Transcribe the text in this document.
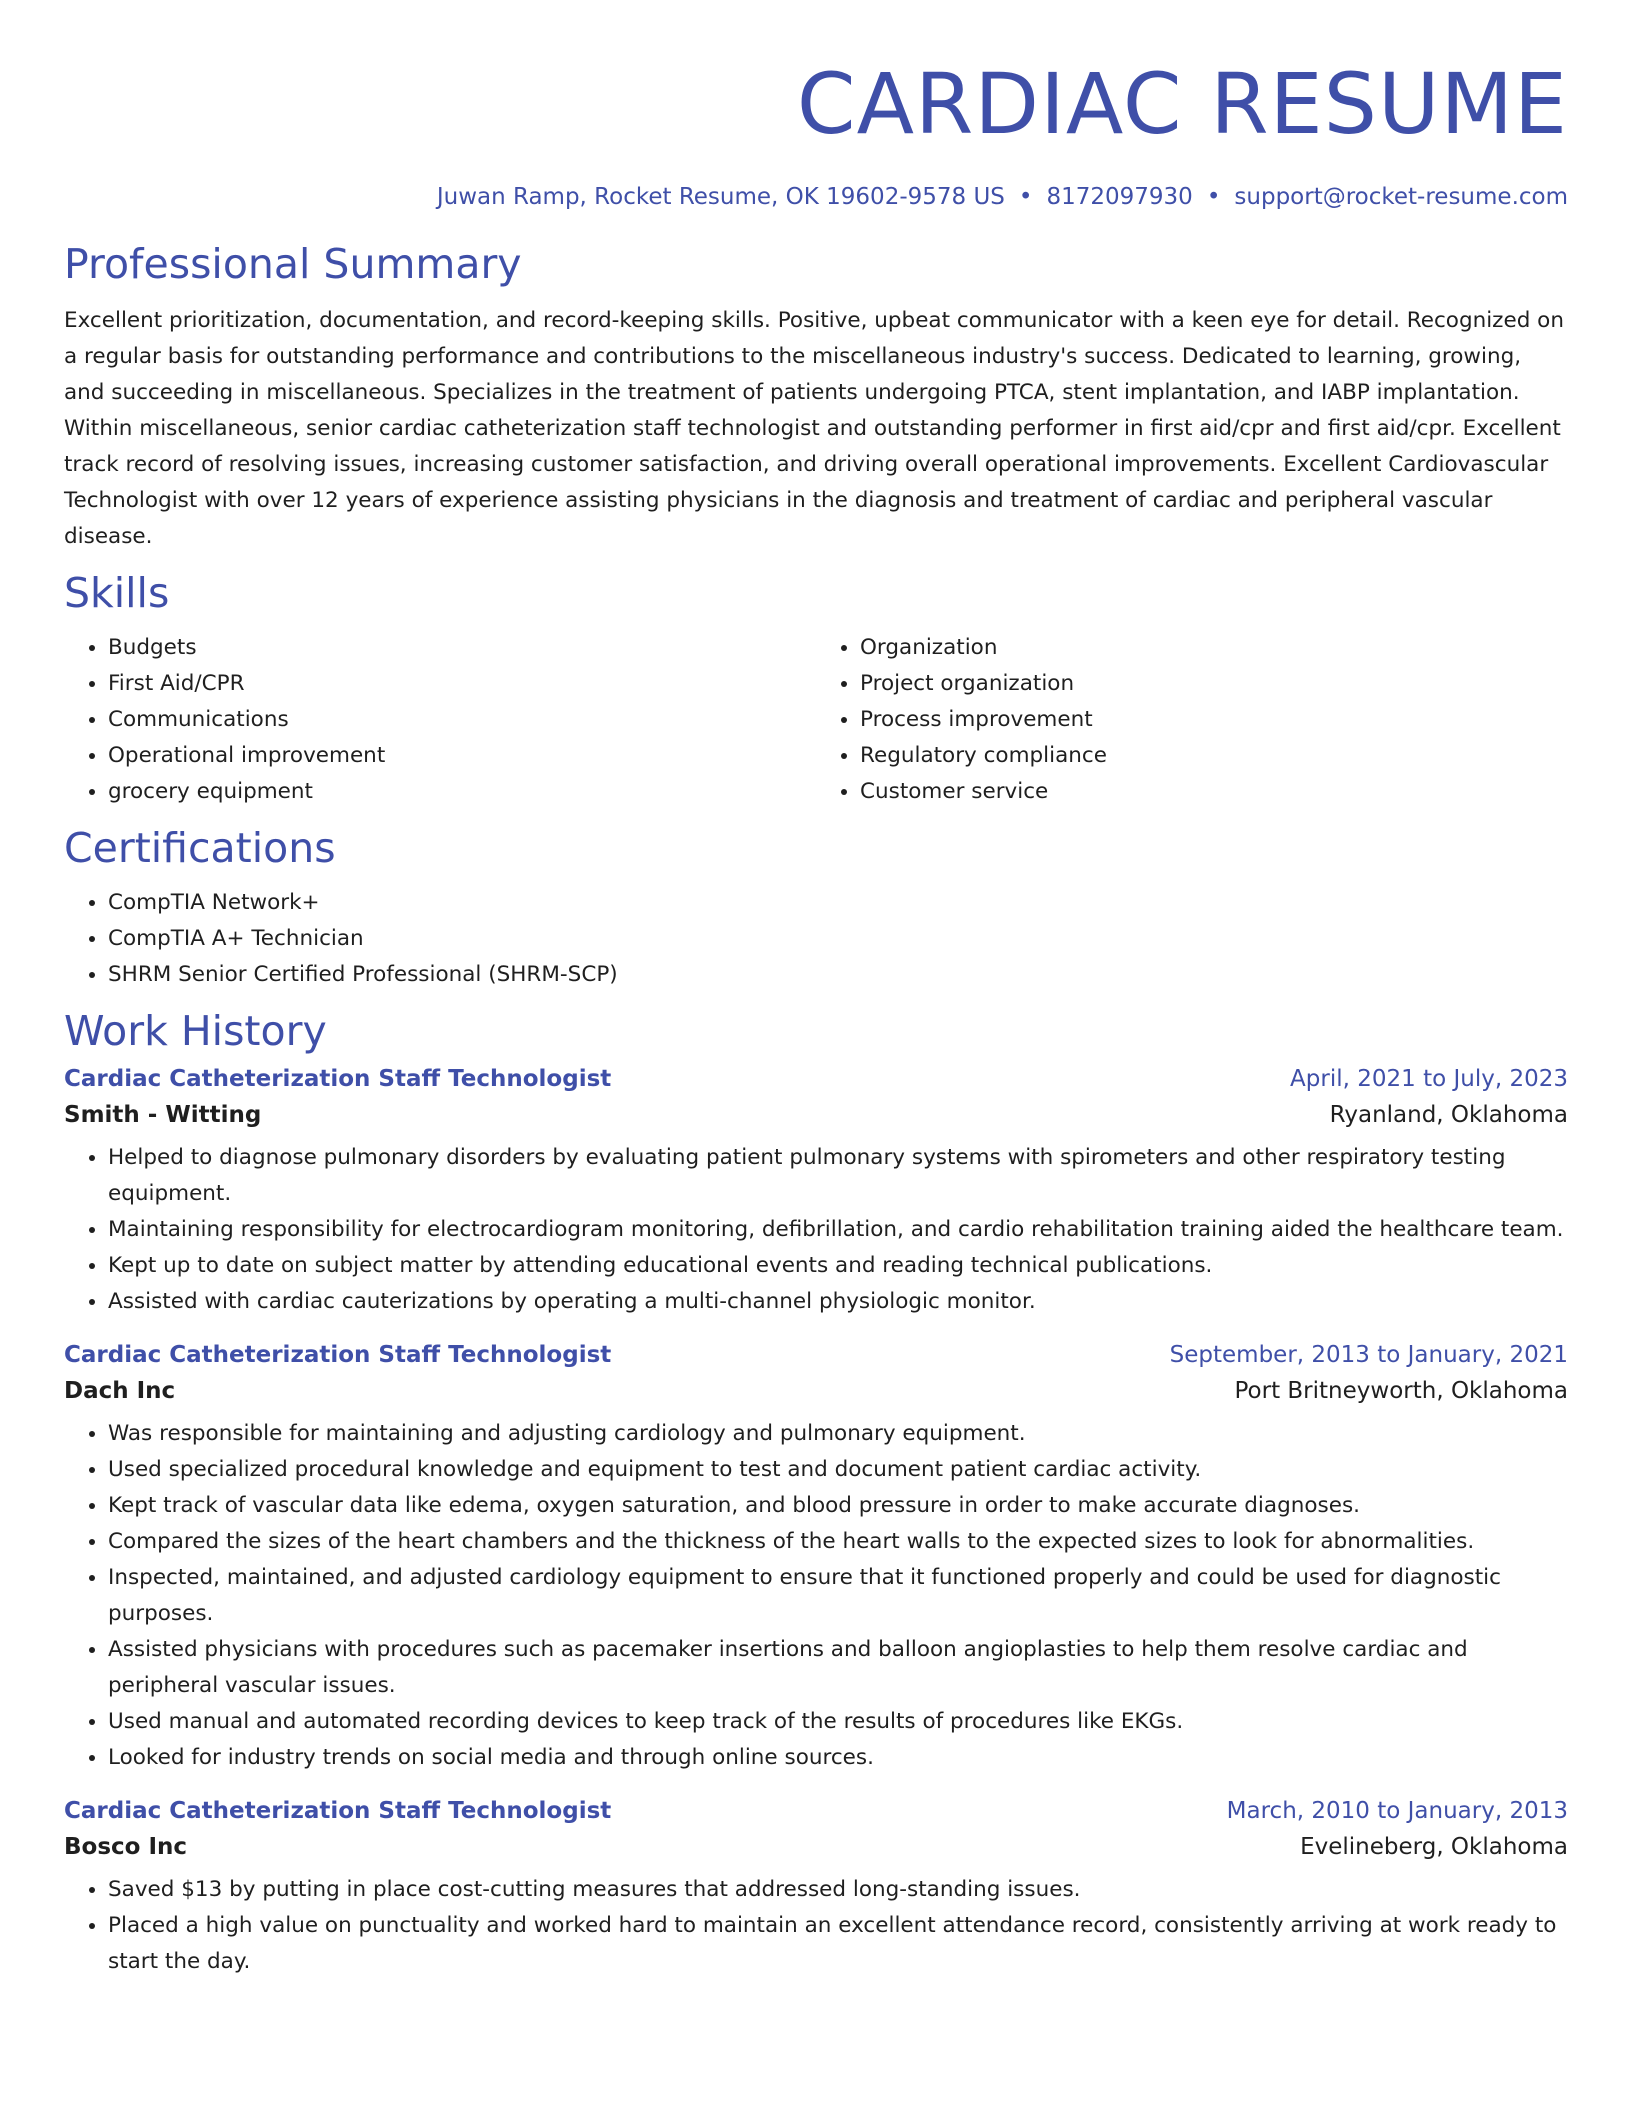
CARDIAC RESUME
Juwan Ramp, Rocket Resume, OK 19602-9578 US • 8172097930 • support@rocket-resume.com
Professional Summary

Excellent prioritization, documentation, and record-keeping skills. Positive, upbeat communicator with a keen eye for detail. Recognized on a regular basis for outstanding performance and contributions to the miscellaneous industry's success. Dedicated to learning, growing, and succeeding in miscellaneous. Specializes in the treatment of patients undergoing PTCA, stent implantation, and IABP implantation. Within miscellaneous, senior cardiac catheterization staff technologist and outstanding performer in first aid/cpr and first aid/cpr. Excellent track record of resolving issues, increasing customer satisfaction, and driving overall operational improvements. Excellent Cardiovascular Technologist with over 12 years of experience assisting physicians in the diagnosis and treatment of cardiac and peripheral vascular disease.

Skills
• Budgets
• First Aid/CPR
• Communications
• Operational improvement
• grocery equipment
• Organization
• Project organization
• Process improvement
• Regulatory compliance
• Customer service
Certifications
• CompTIA Network+
• CompTIA A+ Technician
• SHRM Senior Certified Professional (SHRM-SCP)
Work History
Cardiac Catheterization Staff Technologist	April, 2021 to July, 2023
Smith - Witting	Ryanland, Oklahoma
• Helped to diagnose pulmonary disorders by evaluating patient pulmonary systems with spirometers and other respiratory testing equipment.
• Maintaining responsibility for electrocardiogram monitoring, defibrillation, and cardio rehabilitation training aided the healthcare team.
• Kept up to date on subject matter by attending educational events and reading technical publications.
• Assisted with cardiac cauterizations by operating a multi-channel physiologic monitor.
Cardiac Catheterization Staff Technologist	September, 2013 to January, 2021
Dach Inc	Port Britneyworth, Oklahoma
• Was responsible for maintaining and adjusting cardiology and pulmonary equipment.
• Used specialized procedural knowledge and equipment to test and document patient cardiac activity.
• Kept track of vascular data like edema, oxygen saturation, and blood pressure in order to make accurate diagnoses.
• Compared the sizes of the heart chambers and the thickness of the heart walls to the expected sizes to look for abnormalities.
• Inspected, maintained, and adjusted cardiology equipment to ensure that it functioned properly and could be used for diagnostic purposes.
• Assisted physicians with procedures such as pacemaker insertions and balloon angioplasties to help them resolve cardiac and peripheral vascular issues.
• Used manual and automated recording devices to keep track of the results of procedures like EKGs.
• Looked for industry trends on social media and through online sources.
Cardiac Catheterization Staff Technologist	March, 2010 to January, 2013
Bosco Inc	Evelineberg, Oklahoma
• Saved $13 by putting in place cost-cutting measures that addressed long-standing issues.
• Placed a high value on punctuality and worked hard to maintain an excellent attendance record, consistently arriving at work ready to start the day.
